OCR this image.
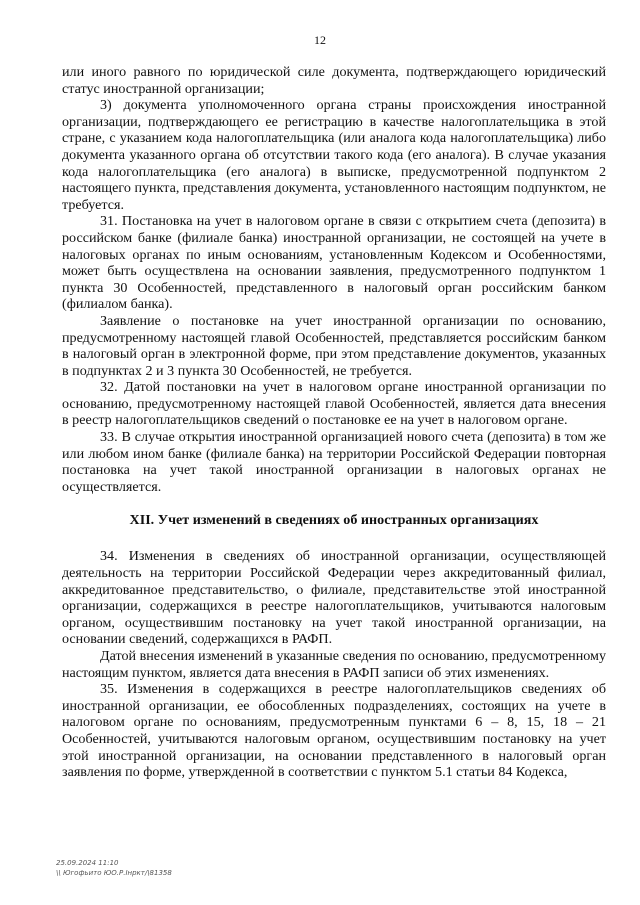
12

или иного равного по юридической силе документа, подтверждающего юридический статус иностранной организации;

3) документа уполномоченного органа страны происхождения иностранной организации, подтверждающего ее регистрацию в качестве налогоплательщика в этой стране, с указанием кода налогоплательщика (или аналога кода налогоплательщика) либо документа указанного органа об отсутствии такого кода (его аналога). В случае указания кода налогоплательщика (его аналога) в выписке, предусмотренной подпунктом 2 настоящего пункта, представления документа, установленного настоящим подпунктом, не требуется.

31. Постановка на учет в налоговом органе в связи с открытием счета (депозита) в российском банке (филиале банка) иностранной организации, не состоящей на учете в налоговых органах по иным основаниям, установленным Кодексом и Особенностями, может быть осуществлена на основании заявления, предусмотренного подпунктом 1 пункта 30 Особенностей, представленного в налоговый орган российским банком (филиалом банка).

Заявление о постановке на учет иностранной организации по основанию, предусмотренному настоящей главой Особенностей, представляется российским банком в налоговый орган в электронной форме, при этом представление документов, указанных в подпунктах 2 и 3 пункта 30 Особенностей, не требуется.

32. Датой постановки на учет в налоговом органе иностранной организации по основанию, предусмотренному настоящей главой Особенностей, является дата внесения в реестр налогоплательщиков сведений о постановке ее на учет в налоговом органе.

33. В случае открытия иностранной организацией нового счета (депозита) в том же или любом ином банке (филиале банка) на территории Российской Федерации повторная постановка на учет такой иностранной организации в налоговых органах не осуществляется.

XII. Учет изменений в сведениях об иностранных организациях

34. Изменения в сведениях об иностранной организации, осуществляющей деятельность на территории Российской Федерации через аккредитованный филиал, аккредитованное представительство, о филиале, представительстве этой иностранной организации, содержащихся в реестре налогоплательщиков, учитываются налоговым органом, осуществившим постановку на учет такой иностранной организации, на основании сведений, содержащихся в РАФП.

Датой внесения изменений в указанные сведения по основанию, предусмотренному настоящим пунктом, является дата внесения в РАФП записи об этих изменениях.

35. Изменения в содержащихся в реестре налогоплательщиков сведениях об иностранной организации, ее обособленных подразделениях, состоящих на учете в налоговом органе по основаниям, предусмотренным пунктами 6 – 8, 15, 18 – 21 Особенностей, учитываются налоговым органом, осуществившим постановку на учет этой иностранной организации, на основании представленного в налоговый орган заявления по форме, утвержденной в соответствии с пунктом 5.1 статьи 84 Кодекса,

25.09.2024 11:10
\\ Югофьито ЮО.Р.Інркт/\81358
